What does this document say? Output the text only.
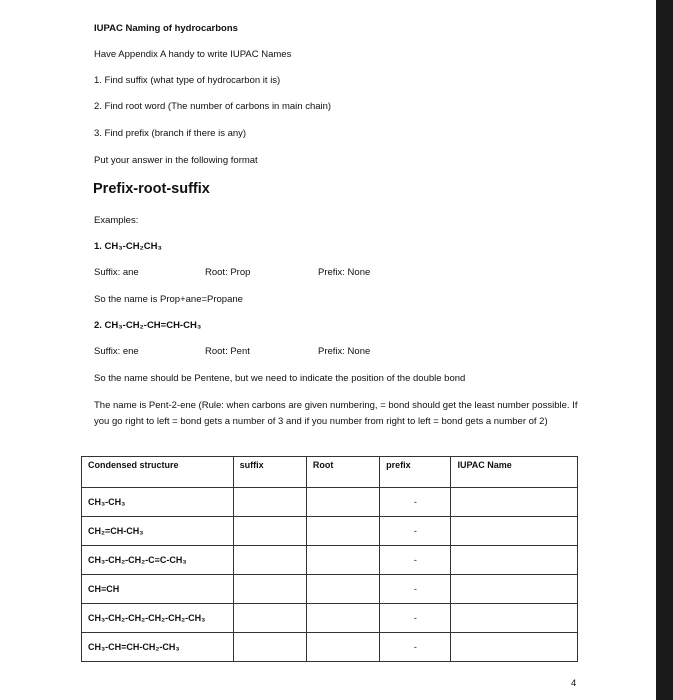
IUPAC Naming of hydrocarbons
Have Appendix A handy to write IUPAC Names
1. Find suffix (what type of hydrocarbon it is)
2. Find root word (The number of carbons in main chain)
3. Find prefix (branch if there is any)
Put your answer in the following format
Prefix-root-suffix
Examples:
1. CH₃-CH₂CH₃
Suffix: ane	Root: Prop	Prefix: None
So the name is Prop+ane=Propane
2. CH₃-CH₂-CH=CH-CH₃
Suffix: ene	Root: Pent	Prefix: None
So the name should be Pentene, but we need to indicate the position of the double bond
The name is Pent-2-ene (Rule: when carbons are given numbering, = bond should get the least number possible. If you go right to left = bond gets a number of 3 and if you number from right to left = bond gets a number of 2)
Condensed structure	suffix	Root	prefix	IUPAC Name
CH₃-CH₃			-	
CH₂=CH-CH₃			-	
CH₃-CH₂-CH₂-C≡C-CH₃			-	
CH≡CH			-	
CH₃-CH₂-CH₂-CH₂-CH₂-CH₃			-	
CH₃-CH=CH-CH₂-CH₃			-	
4
